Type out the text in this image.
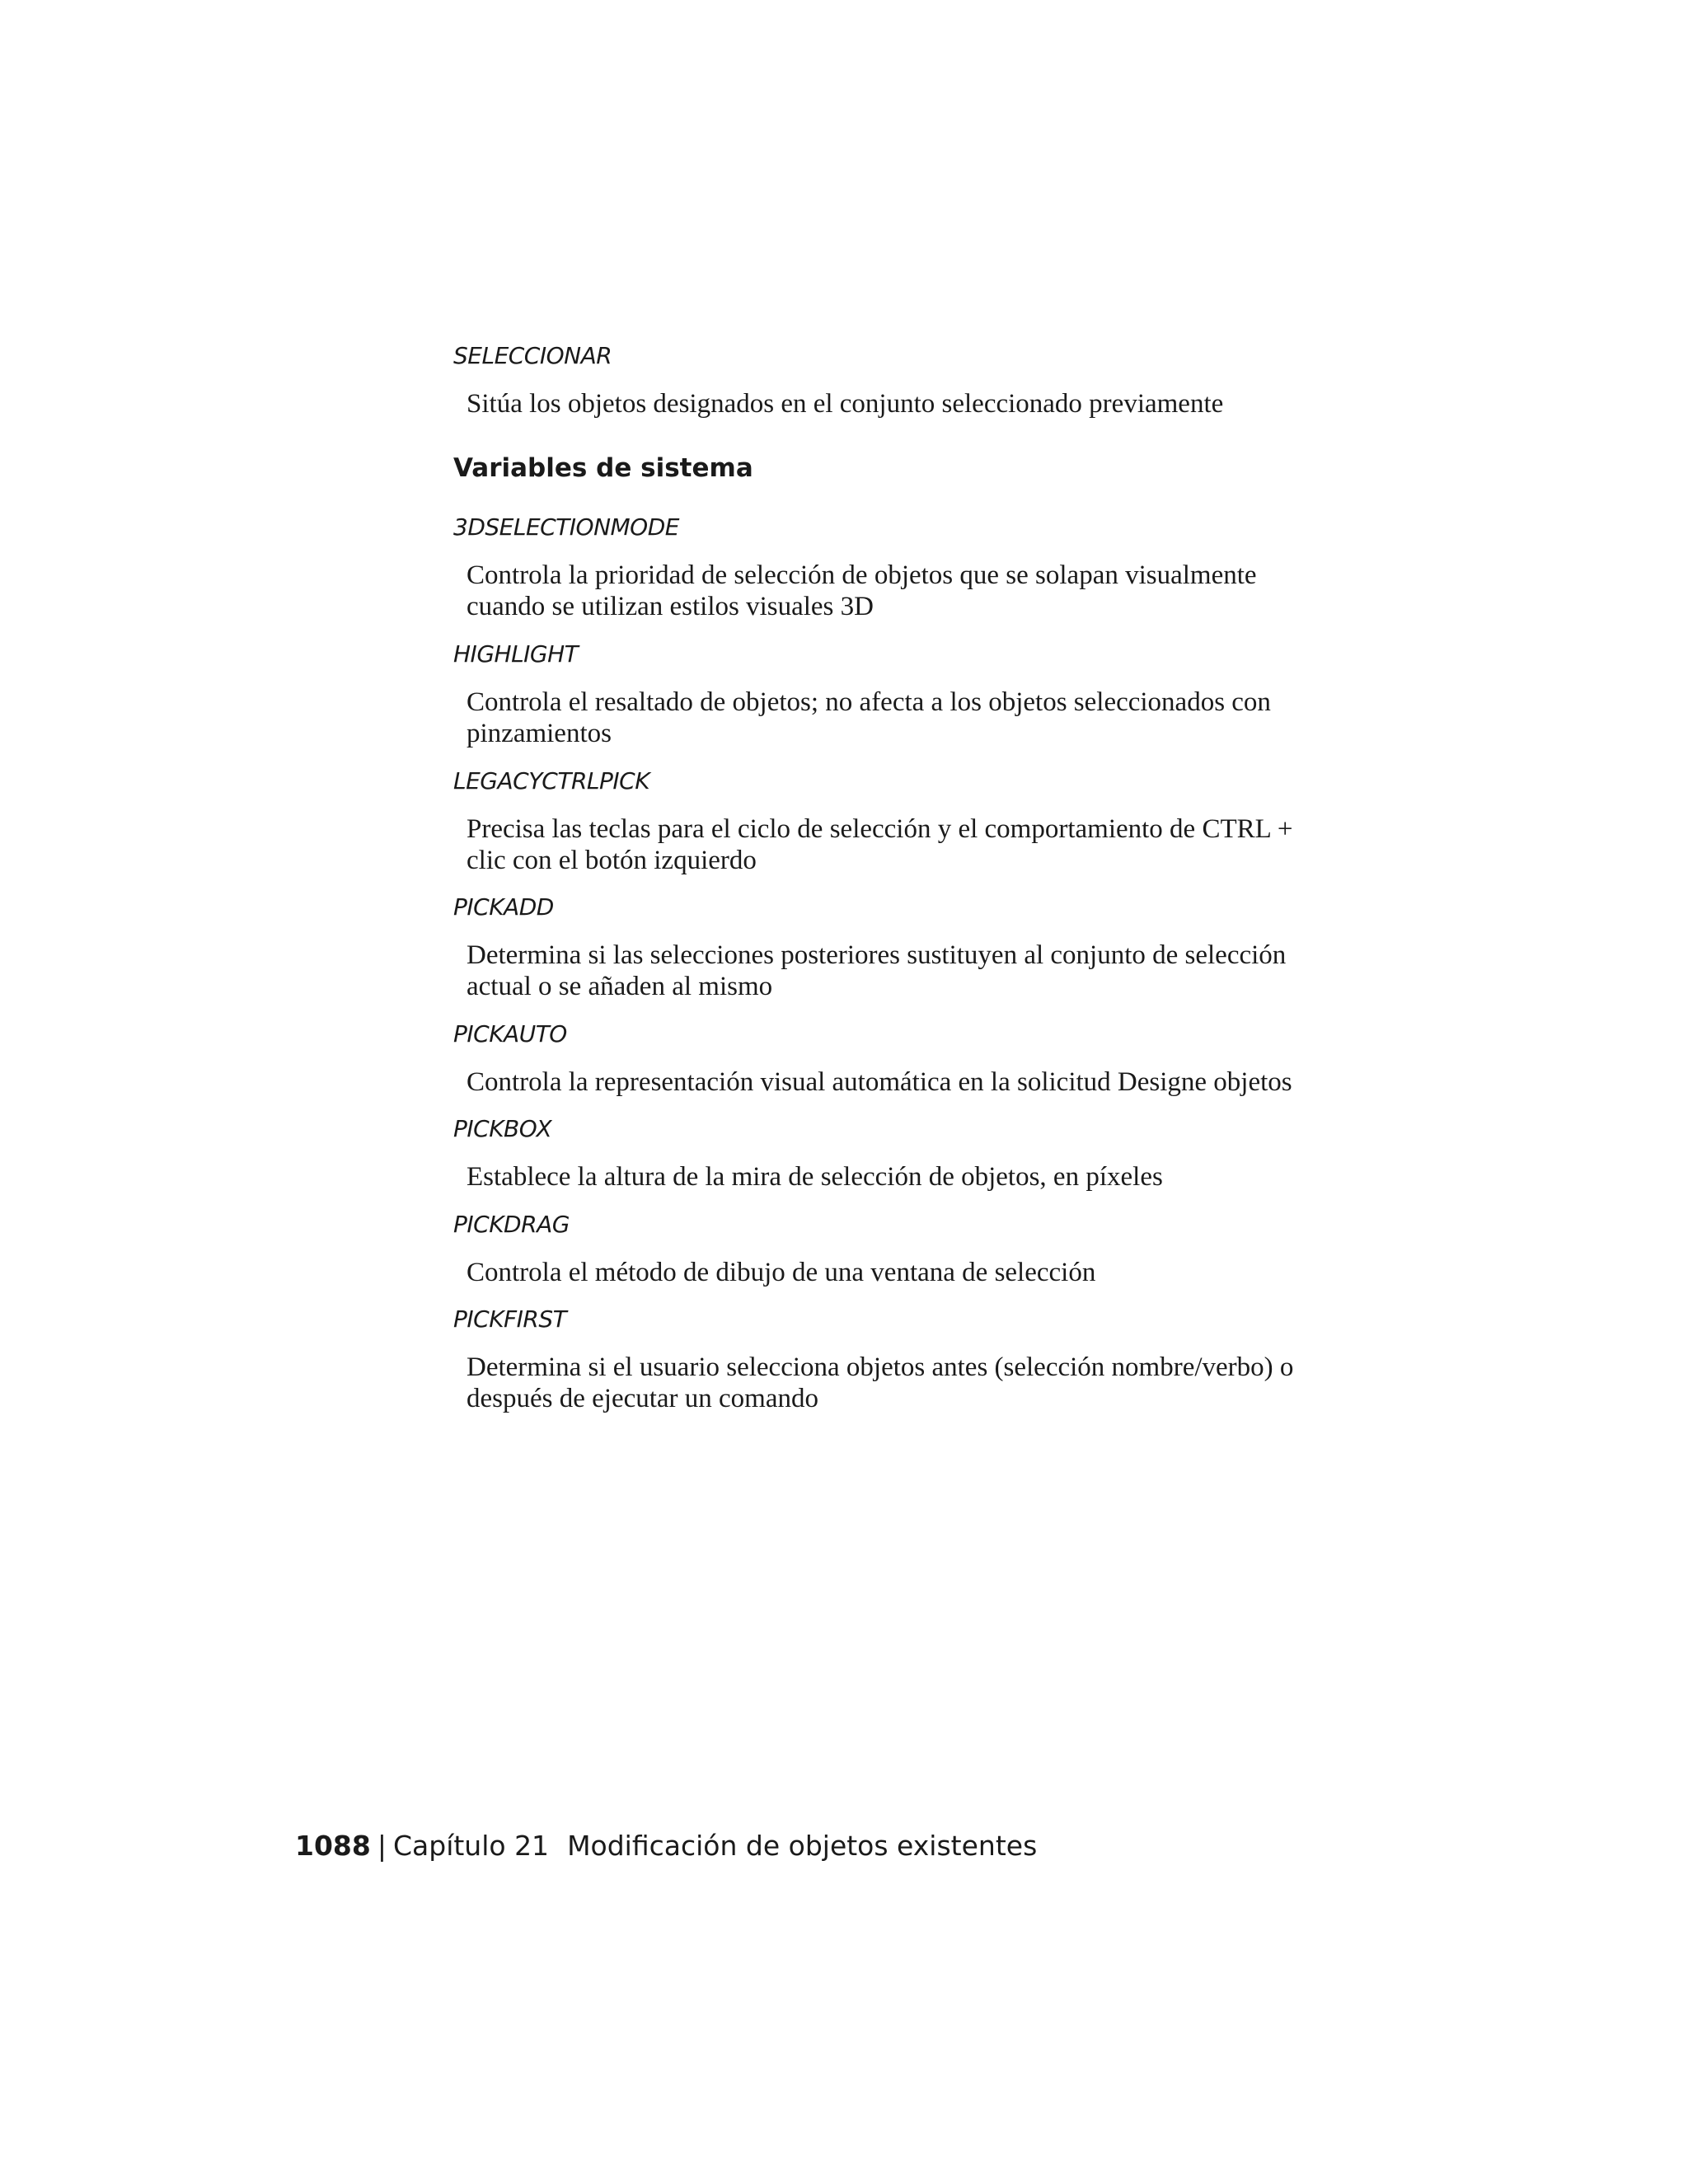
SELECCIONAR
Sitúa los objetos designados en el conjunto seleccionado previamente
Variables de sistema
3DSELECTIONMODE
Controla la prioridad de selección de objetos que se solapan visualmente
cuando se utilizan estilos visuales 3D
HIGHLIGHT
Controla el resaltado de objetos; no afecta a los objetos seleccionados con
pinzamientos
LEGACYCTRLPICK
Precisa las teclas para el ciclo de selección y el comportamiento de CTRL +
clic con el botón izquierdo
PICKADD
Determina si las selecciones posteriores sustituyen al conjunto de selección
actual o se añaden al mismo
PICKAUTO
Controla la representación visual automática en la solicitud Designe objetos
PICKBOX
Establece la altura de la mira de selección de objetos, en píxeles
PICKDRAG
Controla el método de dibujo de una ventana de selección
PICKFIRST
Determina si el usuario selecciona objetos antes (selección nombre/verbo) o
después de ejecutar un comando
1088 | Capítulo 21 Modificación de objetos existentes
